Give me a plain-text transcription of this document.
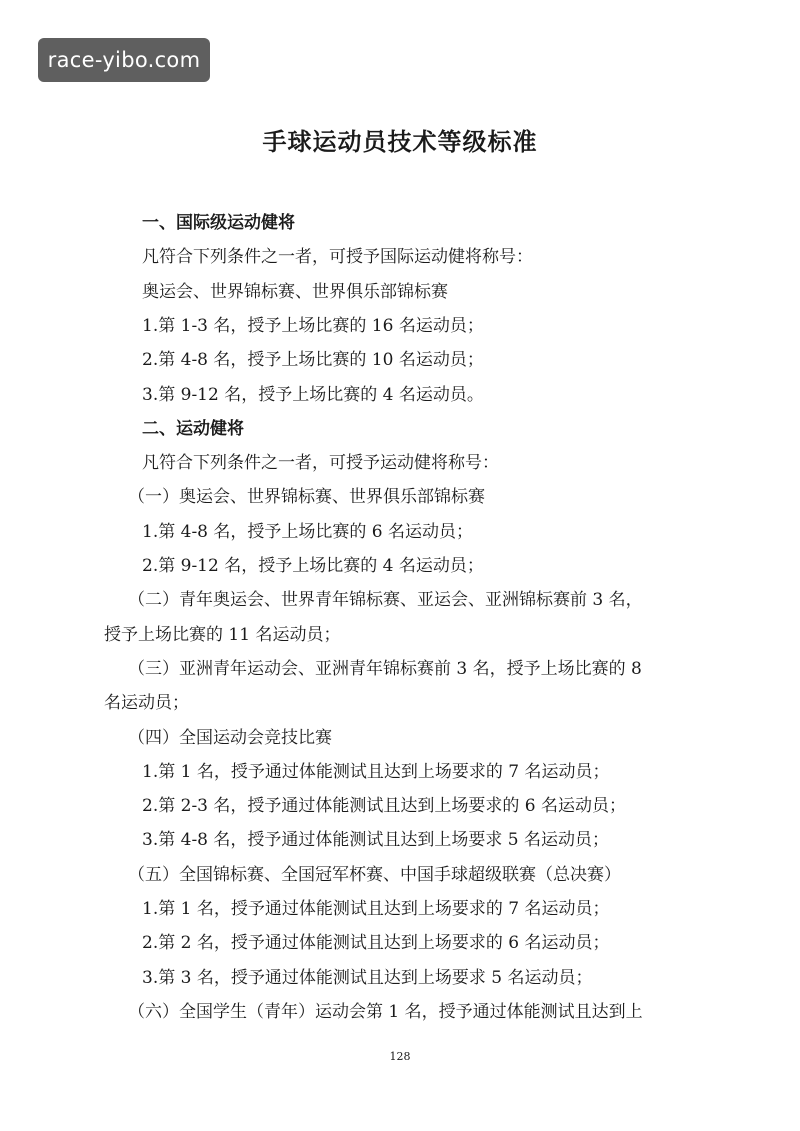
race-yibo.com
手球运动员技术等级标准
一、国际级运动健将
凡符合下列条件之一者，可授予国际运动健将称号：
奥运会、世界锦标赛、世界俱乐部锦标赛
1.第 1-3 名，授予上场比赛的 16 名运动员；
2.第 4-8 名，授予上场比赛的 10 名运动员；
3.第 9-12 名，授予上场比赛的 4 名运动员。
二、运动健将
凡符合下列条件之一者，可授予运动健将称号：
（一）奥运会、世界锦标赛、世界俱乐部锦标赛
1.第 4-8 名，授予上场比赛的 6 名运动员；
2.第 9-12 名，授予上场比赛的 4 名运动员；
（二）青年奥运会、世界青年锦标赛、亚运会、亚洲锦标赛前 3 名，
授予上场比赛的 11 名运动员；
（三）亚洲青年运动会、亚洲青年锦标赛前 3 名，授予上场比赛的 8
名运动员；
（四）全国运动会竞技比赛
1.第 1 名，授予通过体能测试且达到上场要求的 7 名运动员；
2.第 2-3 名，授予通过体能测试且达到上场要求的 6 名运动员；
3.第 4-8 名，授予通过体能测试且达到上场要求 5 名运动员；
（五）全国锦标赛、全国冠军杯赛、中国手球超级联赛（总决赛）
1.第 1 名，授予通过体能测试且达到上场要求的 7 名运动员；
2.第 2 名，授予通过体能测试且达到上场要求的 6 名运动员；
3.第 3 名，授予通过体能测试且达到上场要求 5 名运动员；
（六）全国学生（青年）运动会第 1 名，授予通过体能测试且达到上
128
